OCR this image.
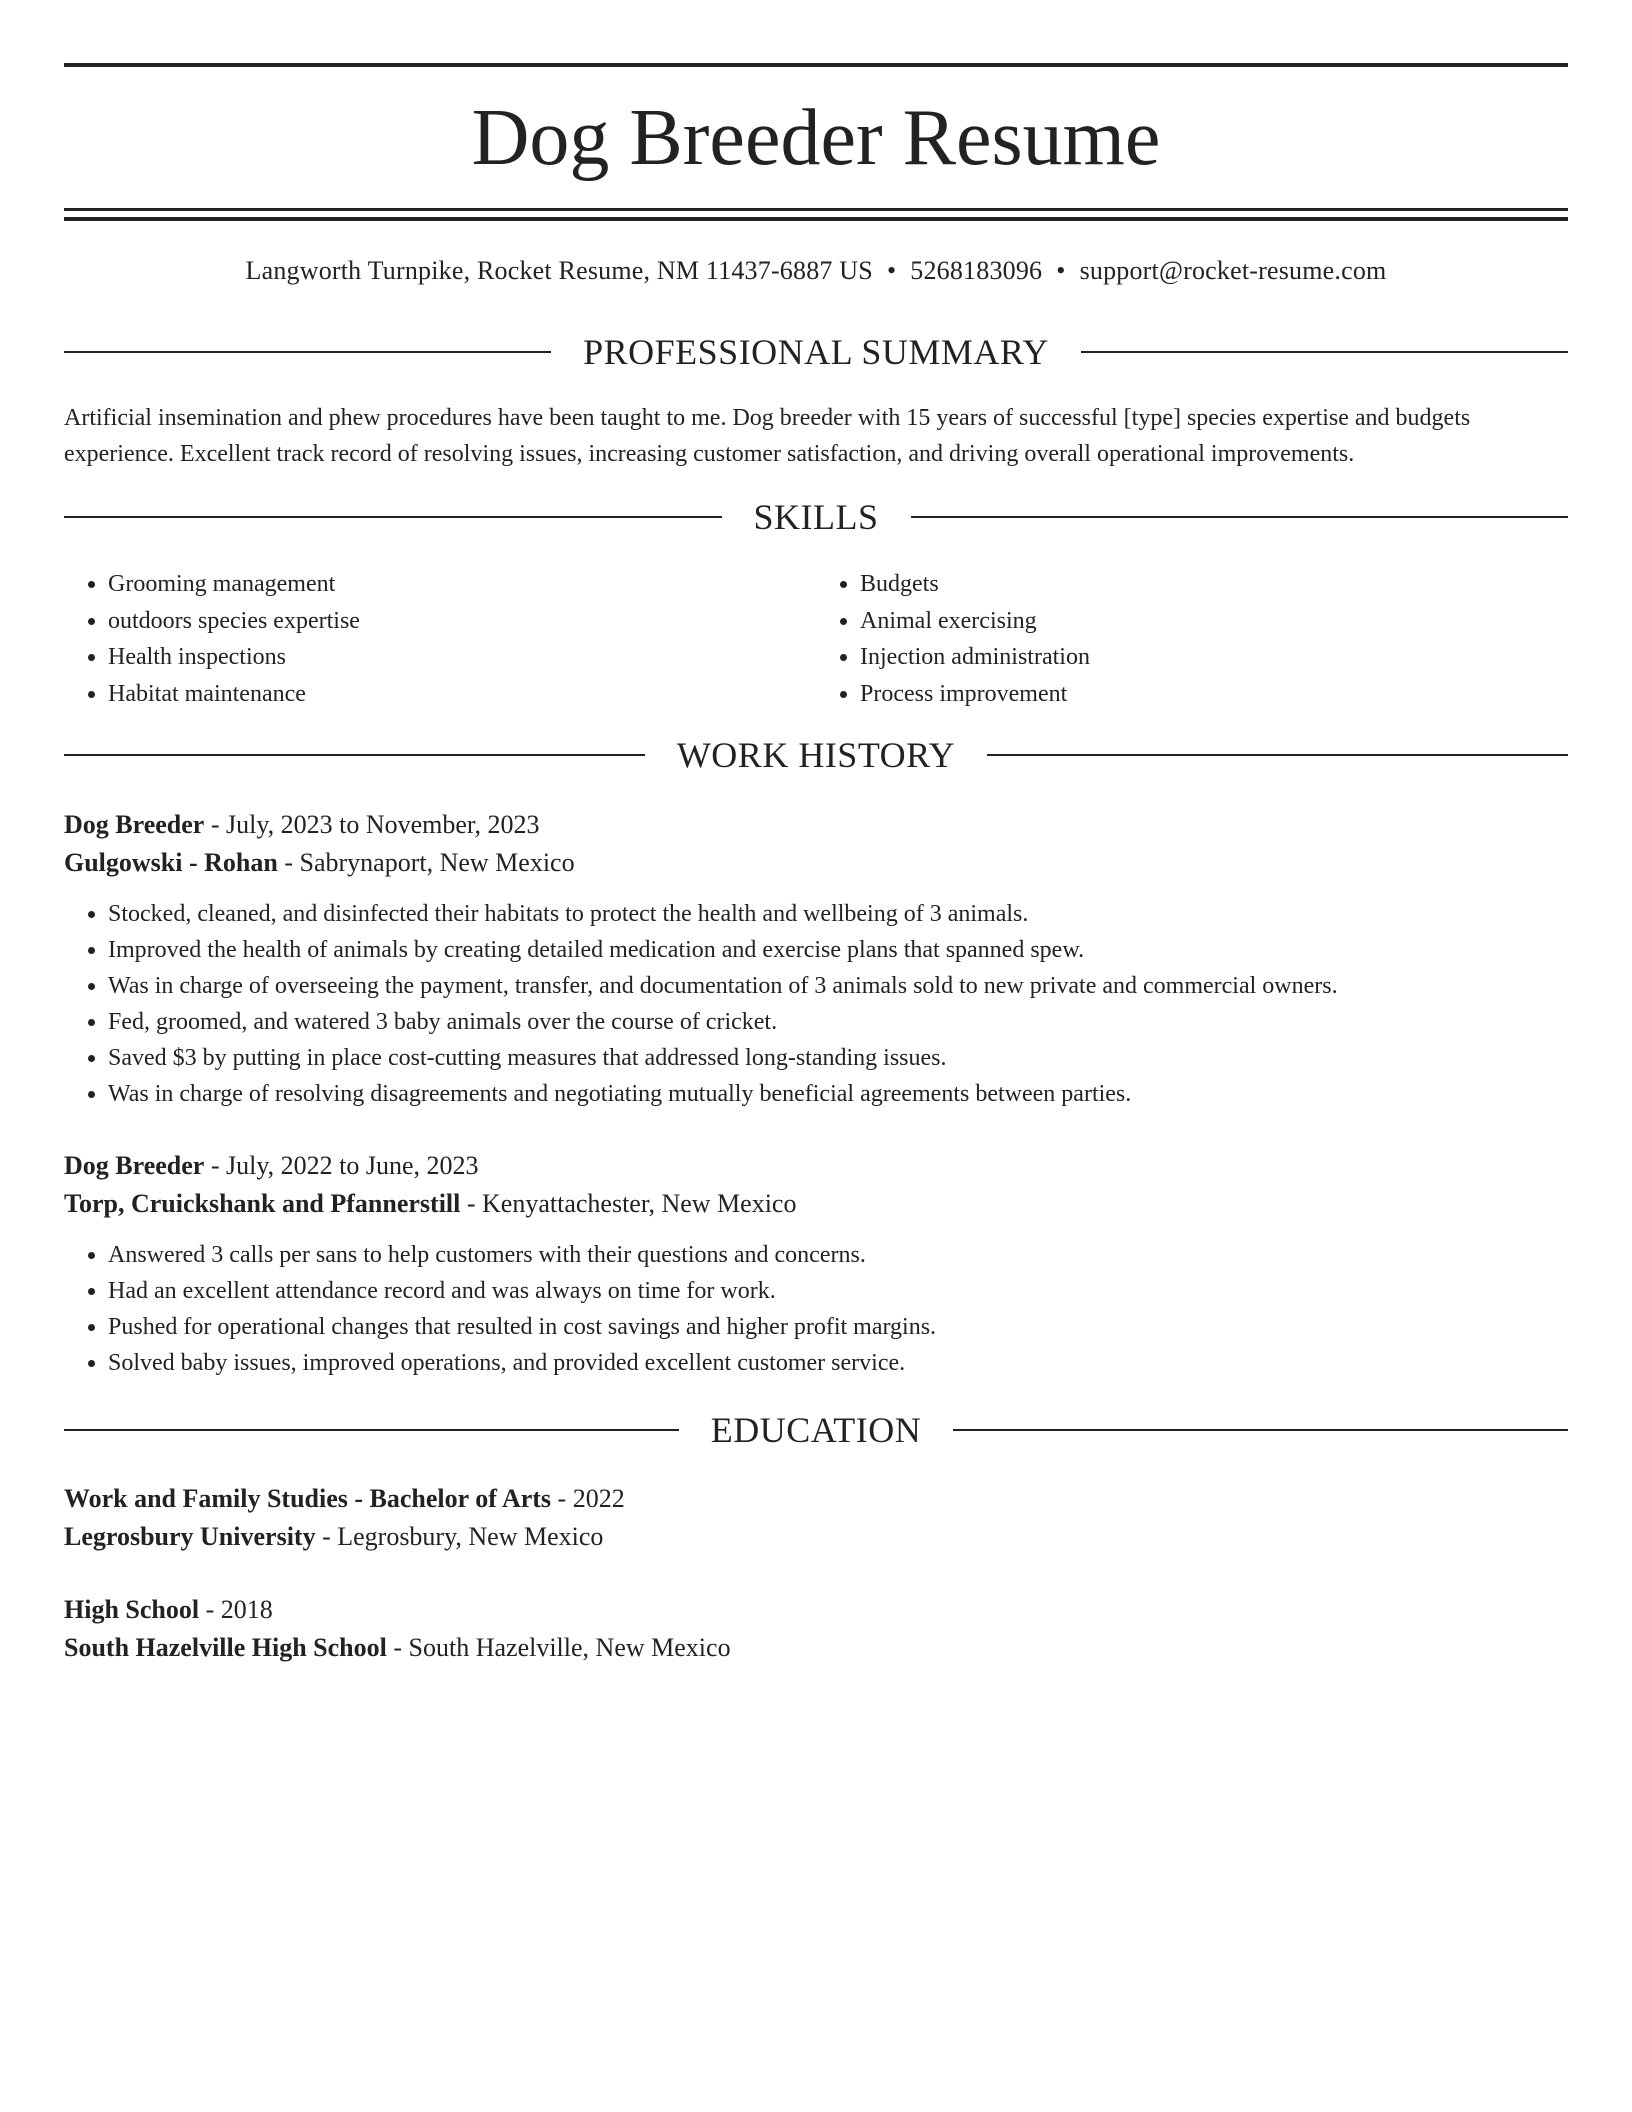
Dog Breeder Resume
Langworth Turnpike, Rocket Resume, NM 11437-6887 US • 5268183096 • support@rocket-resume.com
PROFESSIONAL SUMMARY

Artificial insemination and phew procedures have been taught to me. Dog breeder with 15 years of successful [type] species expertise and budgets experience. Excellent track record of resolving issues, increasing customer satisfaction, and driving overall operational improvements.

SKILLS
• Grooming management
• outdoors species expertise
• Health inspections
• Habitat maintenance
• Budgets
• Animal exercising
• Injection administration
• Process improvement
WORK HISTORY
Dog Breeder - July, 2023 to November, 2023
Gulgowski - Rohan - Sabrynaport, New Mexico
• Stocked, cleaned, and disinfected their habitats to protect the health and wellbeing of 3 animals.
• Improved the health of animals by creating detailed medication and exercise plans that spanned spew.
• Was in charge of overseeing the payment, transfer, and documentation of 3 animals sold to new private and commercial owners.
• Fed, groomed, and watered 3 baby animals over the course of cricket.
• Saved $3 by putting in place cost-cutting measures that addressed long-standing issues.
• Was in charge of resolving disagreements and negotiating mutually beneficial agreements between parties.
Dog Breeder - July, 2022 to June, 2023
Torp, Cruickshank and Pfannerstill - Kenyattachester, New Mexico
• Answered 3 calls per sans to help customers with their questions and concerns.
• Had an excellent attendance record and was always on time for work.
• Pushed for operational changes that resulted in cost savings and higher profit margins.
• Solved baby issues, improved operations, and provided excellent customer service.
EDUCATION
Work and Family Studies - Bachelor of Arts - 2022
Legrosbury University - Legrosbury, New Mexico
High School - 2018
South Hazelville High School - South Hazelville, New Mexico
